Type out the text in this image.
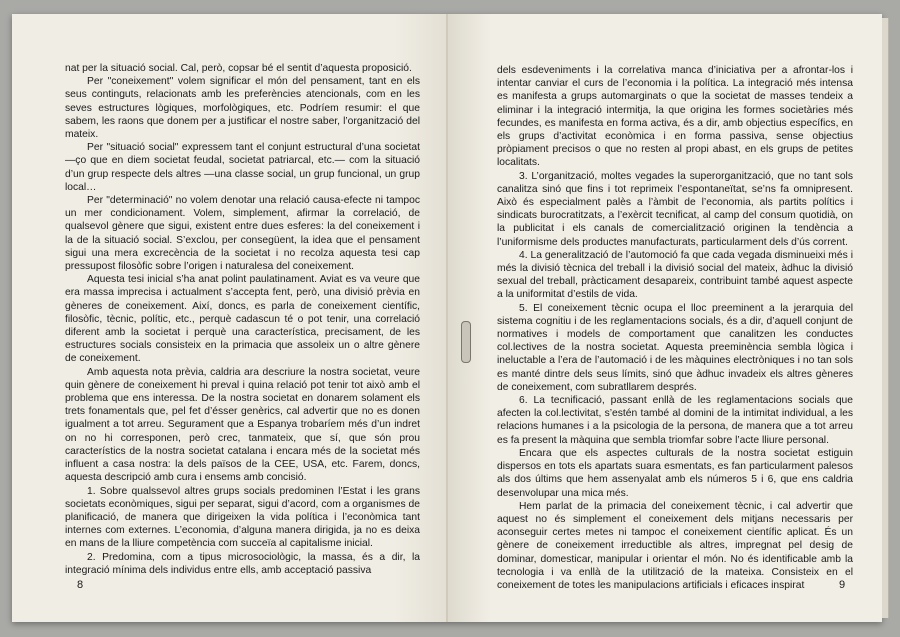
nat per la situació social. Cal, però, copsar bé el sentit d’aquesta proposició.

Per "coneixement" volem significar el món del pensament, tant en els seus continguts, relacionats amb les preferències atencionals, com en les seves estructures lògiques, morfològiques, etc. Podríem resumir: el que sabem, les raons que donem per a justificar el nostre saber, l’organització del mateix.

Per "situació social" expressem tant el conjunt estructural d’una societat —ço que en diem societat feudal, societat patriarcal, etc.— com la situació d’un grup respecte dels altres —una classe social, un grup funcional, un grup local…

Per "determinació" no volem denotar una relació causa-efecte ni tampoc un mer condicionament. Volem, simplement, afirmar la correlació, de qualsevol gènere que sigui, existent entre dues esferes: la del coneixement i la de la situació social. S’exclou, per consegüent, la idea que el pensament sigui una mera excrecència de la societat i no recolza aquesta tesi cap pressupost filosòfic sobre l’origen i naturalesa del coneixement.

Aquesta tesi inicial s’ha anat polint paulatinament. Aviat es va veure que era massa imprecisa i actualment s’accepta fent, però, una divisió prèvia en gèneres de coneixement. Així, doncs, es parla de coneixement científic, filosòfic, tècnic, polític, etc., perquè cadascun té o pot tenir, una correlació diferent amb la societat i perquè una característica, precisament, de les estructures socials consisteix en la primacia que assoleix un o altre gènere de coneixement.

Amb aquesta nota prèvia, caldria ara descriure la nostra societat, veure quin gènere de coneixement hi preval i quina relació pot tenir tot això amb el problema que ens interessa. De la nostra societat en donarem solament els trets fonamentals que, pel fet d’ésser genèrics, cal advertir que no es donen igualment a tot arreu. Segurament que a Espanya trobaríem més d’un indret on no hi corresponen, però crec, tanmateix, que sí, que són prou característics de la nostra societat catalana i encara més de la societat més influent a casa nostra: la dels països de la CEE, USA, etc. Farem, doncs, aquesta descripció amb cura i ensems amb concisió.

1. Sobre qualssevol altres grups socials predominen l’Estat i les grans societats econòmiques, sigui per separat, sigui d’acord, com a organismes de planificació, de manera que dirigeixen la vida política i l’econòmica tant internes com externes. L’economia, d’alguna manera dirigida, ja no es deixa en mans de la lliure competència com succeïa al capitalisme inicial.

2. Predomina, com a tipus microsociològic, la massa, és a dir, la integració mínima dels individus entre ells, amb acceptació passiva

dels esdeveniments i la correlativa manca d’iniciativa per a afrontar-los i intentar canviar el curs de l’economia i la política. La integració més intensa es manifesta a grups automarginats o que la societat de masses tendeix a eliminar i la integració intermitja, la que origina les formes societàries més fecundes, es manifesta en forma activa, és a dir, amb objectius específics, en els grups d’activitat econòmica i en forma passiva, sense objectius pròpiament precisos o que no resten al propi abast, en els grups de petites localitats.

3. L’organització, moltes vegades la superorganització, que no tant sols canalitza sinó que fins i tot reprimeix l’espontaneïtat, se’ns fa omnipresent. Això és especialment palès a l’àmbit de l’economia, als partits polítics i sindicats burocratitzats, a l’exèrcit tecnificat, al camp del consum quotidià, on la publicitat i els canals de comercialització originen la tendència a l’uniformisme dels productes manufacturats, particularment dels d’ús corrent.

4. La generalització de l’automoció fa que cada vegada disminueixi més i més la divisió tècnica del treball i la divisió social del mateix, àdhuc la divisió sexual del treball, pràcticament desapareix, contribuint també aquest aspecte a la uniformitat d’estils de vida.

5. El coneixement tècnic ocupa el lloc preeminent a la jerarquia del sistema cognitiu i de les reglamentacions socials, és a dir, d’aquell conjunt de normatives i models de comportament que canalitzen les conductes col.lectives de la nostra societat. Aquesta preeminència sembla lògica i ineluctable a l’era de l’automació i de les màquines electròniques i no tan sols es manté dintre dels seus límits, sinó que àdhuc invadeix els altres gèneres de coneixement, com subratllarem després.

6. La tecnificació, passant enllà de les reglamentacions socials que afecten la col.lectivitat, s’estén també al domini de la intimitat individual, a les relacions humanes i a la psicologia de la persona, de manera que a tot arreu es fa present la màquina que sembla triomfar sobre l’acte lliure personal.

Encara que els aspectes culturals de la nostra societat estiguin dispersos en tots els apartats suara esmentats, es fan particularment palesos als dos últims que hem assenyalat amb els números 5 i 6, que ens caldria desenvolupar una mica més.

Hem parlat de la primacia del coneixement tècnic, i cal advertir que aquest no és simplement el coneixement dels mitjans necessaris per aconseguir certes metes ni tampoc el coneixement científic aplicat. És un gènere de coneixement irreductible als altres, impregnat pel desig de dominar, domesticar, manipular i orientar el món. No és identificable amb la tecnologia i va enllà de la utilització de la mateixa. Consisteix en el coneixement de totes les manipulacions artificials i eficaces inspirat

8	9
